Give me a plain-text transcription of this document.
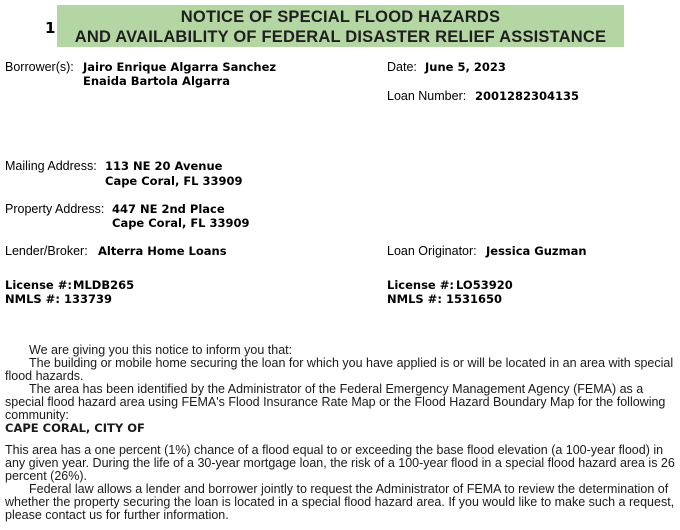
1
NOTICE OF SPECIAL FLOOD HAZARDS
AND AVAILABILITY OF FEDERAL DISASTER RELIEF ASSISTANCE
Borrower(s): Jairo Enrique Algarra Sanchez
Enaida Bartola Algarra
Date: June 5, 2023
Loan Number: 2001282304135
Mailing Address: 113 NE 20 Avenue
Cape Coral, FL 33909
Property Address: 447 NE 2nd Place
Cape Coral, FL 33909
Lender/Broker: Alterra Home Loans	Loan Originator: Jessica Guzman
License #: MLDB265
NMLS #: 133739
License #: LO53920
NMLS #: 1531650

We are giving you this notice to inform you that:

The building or mobile home securing the loan for which you have applied is or will be located in an area with special flood hazards.

The area has been identified by the Administrator of the Federal Emergency Management Agency (FEMA) as a special flood hazard area using FEMA's Flood Insurance Rate Map or the Flood Hazard Boundary Map for the following community:

CAPE CORAL, CITY OF

This area has a one percent (1%) chance of a flood equal to or exceeding the base flood elevation (a 100-year flood) in any given year. During the life of a 30-year mortgage loan, the risk of a 100-year flood in a special flood hazard area is 26 percent (26%).

Federal law allows a lender and borrower jointly to request the Administrator of FEMA to review the determination of whether the property securing the loan is located in a special flood hazard area. If you would like to make such a request, please contact us for further information.
